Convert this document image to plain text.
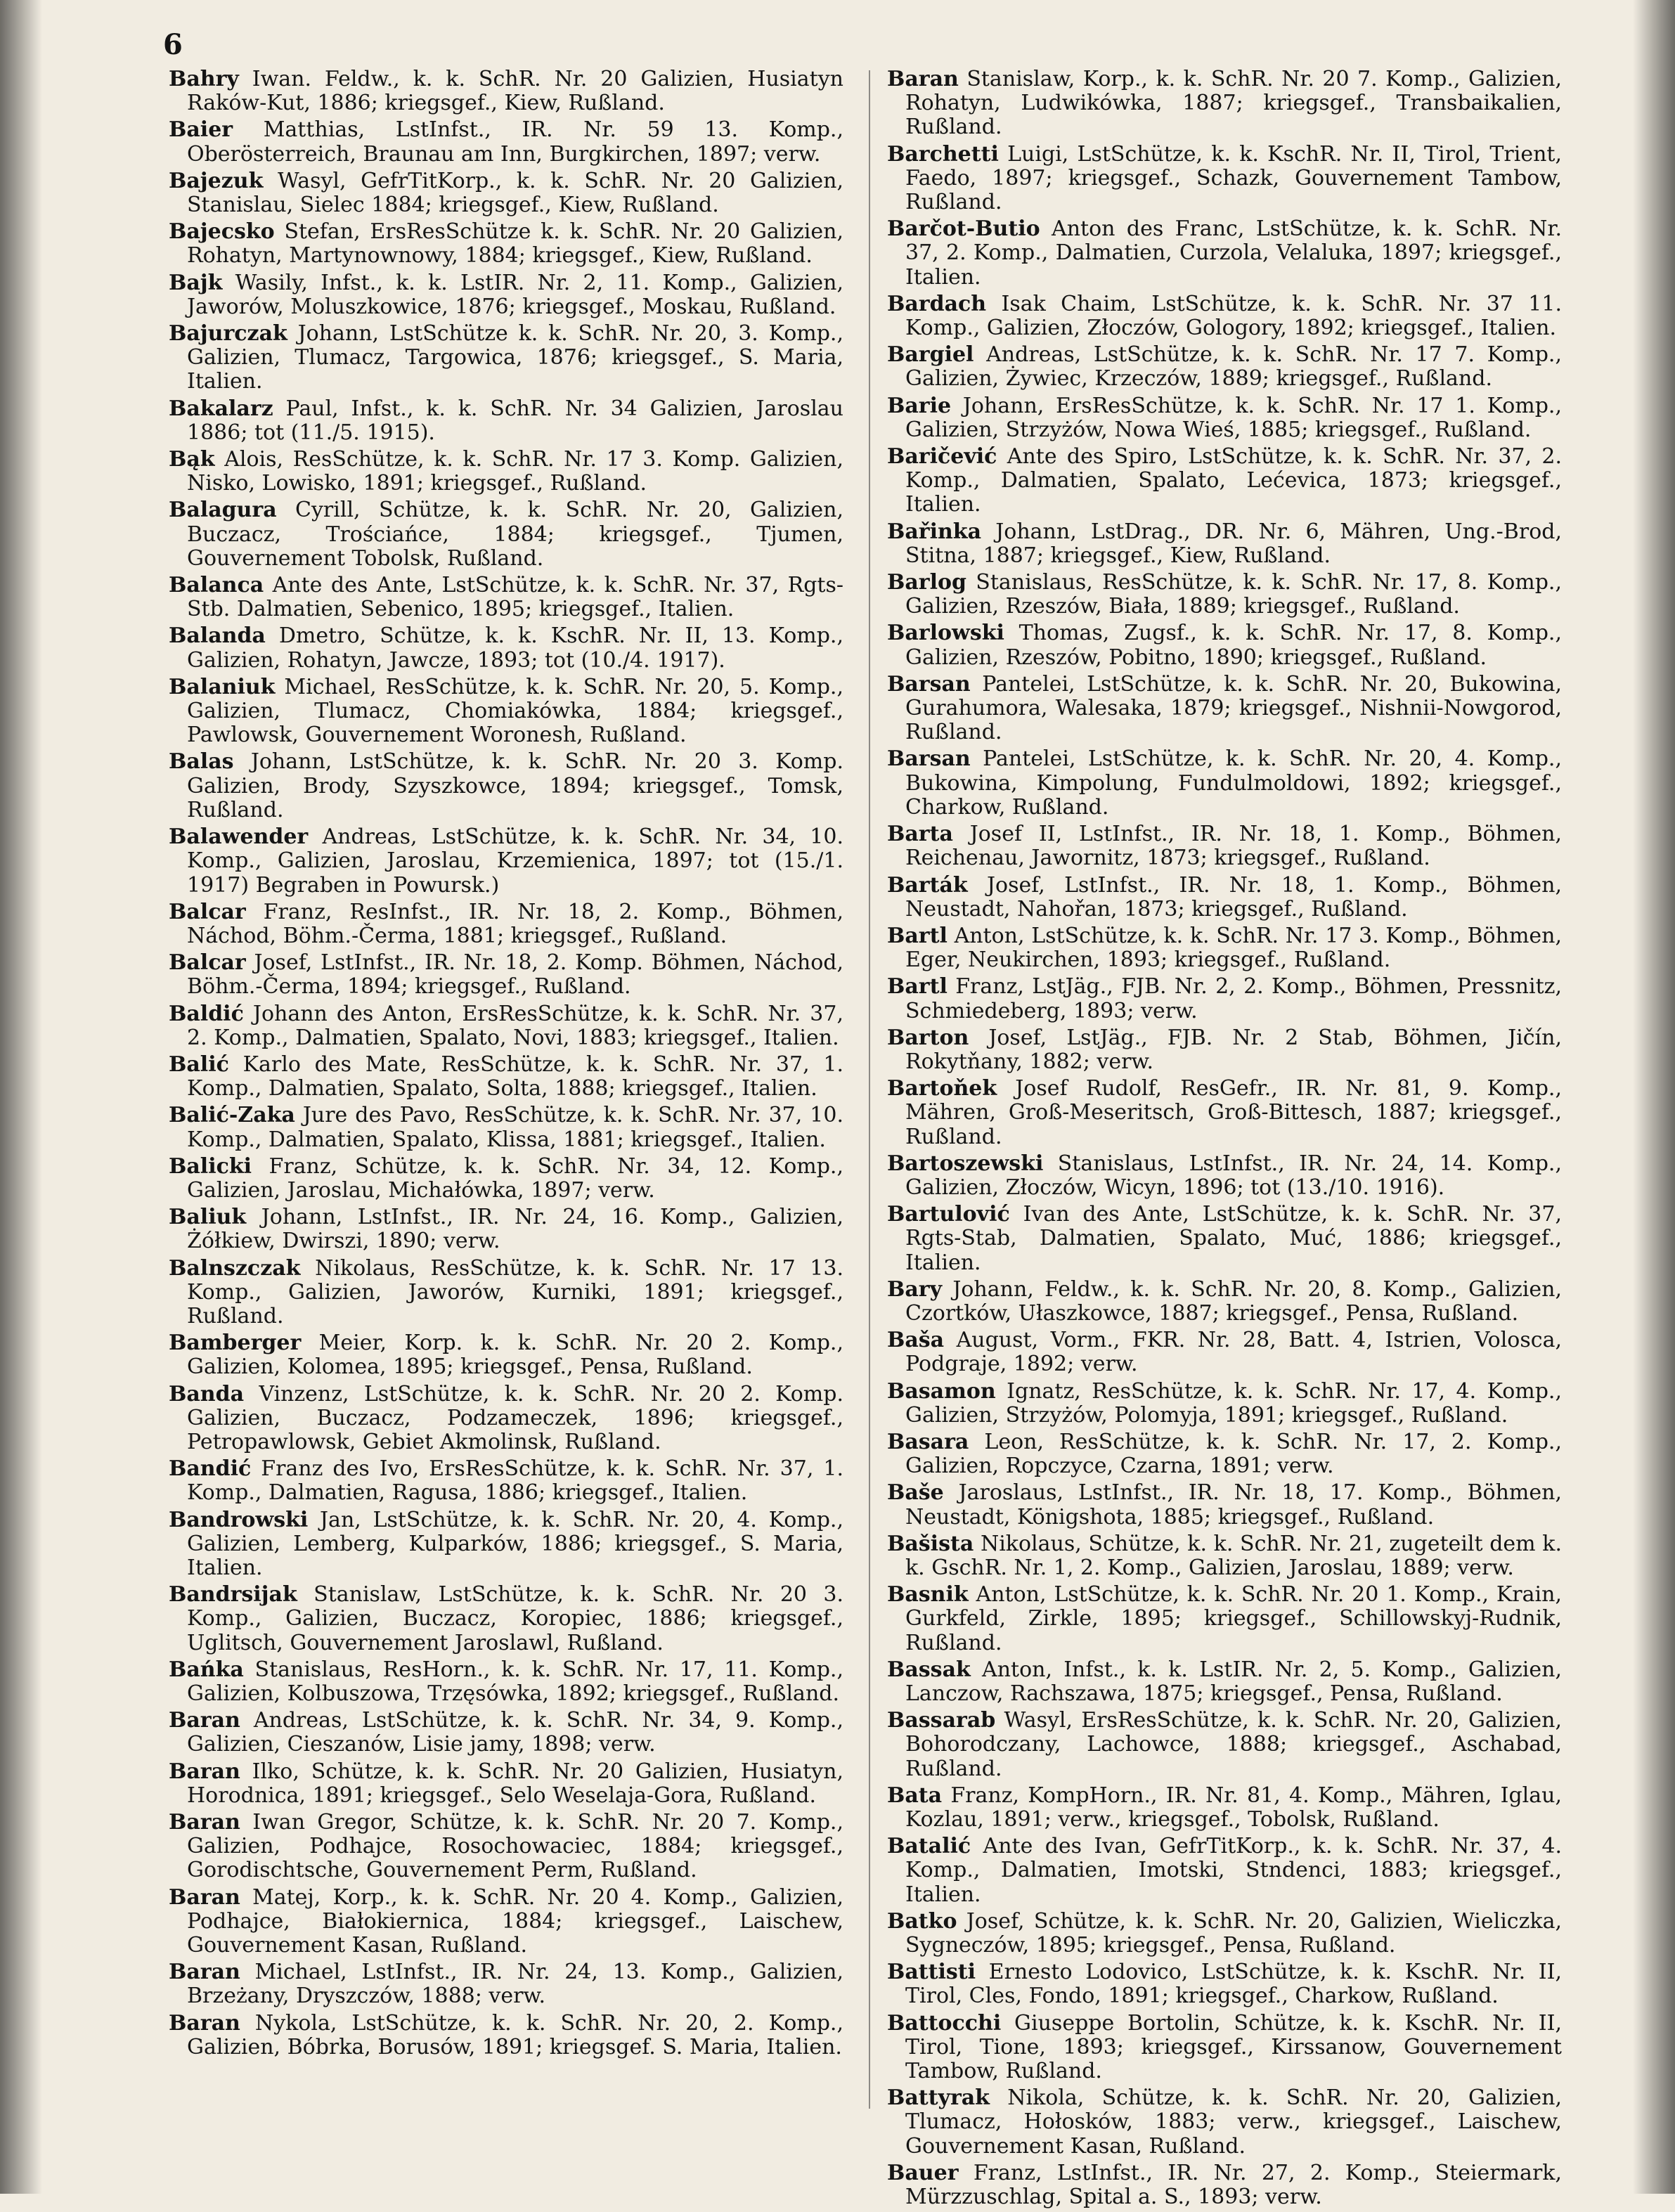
6

Bahry Iwan. Feldw., k. k. SchR. Nr. 20 Galizien, Husiatyn Raków-Kut, 1886; kriegsgef., Kiew, Rußland.

Baier Matthias, LstInfst., IR. Nr. 59 13. Komp., Oberösterreich, Braunau am Inn, Burgkirchen, 1897; verw.

Bajezuk Wasyl, GefrTitKorp., k. k. SchR. Nr. 20 Galizien, Stanislau, Sielec 1884; kriegsgef., Kiew, Rußland.

Bajecsko Stefan, ErsResSchütze k. k. SchR. Nr. 20 Galizien, Rohatyn, Martynownowy, 1884; kriegsgef., Kiew, Rußland.

Bajk Wasily, Infst., k. k. LstIR. Nr. 2, 11. Komp., Galizien, Jaworów, Moluszkowice, 1876; kriegsgef., Moskau, Rußland.

Bajurczak Johann, LstSchütze k. k. SchR. Nr. 20, 3. Komp., Galizien, Tlumacz, Targowica, 1876; kriegsgef., S. Maria, Italien.

Bakalarz Paul, Infst., k. k. SchR. Nr. 34 Galizien, Jaroslau 1886; tot (11./5. 1915).

Bąk Alois, ResSchütze, k. k. SchR. Nr. 17 3. Komp. Galizien, Nisko, Lowisko, 1891; kriegsgef., Rußland.

Balagura Cyrill, Schütze, k. k. SchR. Nr. 20, Galizien, Buczacz, Trościańce, 1884; kriegsgef., Tjumen, Gouvernement Tobolsk, Rußland.

Balanca Ante des Ante, LstSchütze, k. k. SchR. Nr. 37, Rgts-Stb. Dalmatien, Sebenico, 1895; kriegsgef., Italien.

Balanda Dmetro, Schütze, k. k. KschR. Nr. II, 13. Komp., Galizien, Rohatyn, Jawcze, 1893; tot (10./4. 1917).

Balaniuk Michael, ResSchütze, k. k. SchR. Nr. 20, 5. Komp., Galizien, Tlumacz, Chomiakówka, 1884; kriegsgef., Pawlowsk, Gouvernement Woronesh, Rußland.

Balas Johann, LstSchütze, k. k. SchR. Nr. 20 3. Komp. Galizien, Brody, Szyszkowce, 1894; kriegsgef., Tomsk, Rußland.

Balawender Andreas, LstSchütze, k. k. SchR. Nr. 34, 10. Komp., Galizien, Jaroslau, Krzemienica, 1897; tot (15./1. 1917) Begraben in Powursk.)

Balcar Franz, ResInfst., IR. Nr. 18, 2. Komp., Böhmen, Náchod, Böhm.-Čerma, 1881; kriegsgef., Rußland.

Balcar Josef, LstInfst., IR. Nr. 18, 2. Komp. Böhmen, Náchod, Böhm.-Čerma, 1894; kriegsgef., Rußland.

Baldić Johann des Anton, ErsResSchütze, k. k. SchR. Nr. 37, 2. Komp., Dalmatien, Spalato, Novi, 1883; kriegsgef., Italien.

Balić Karlo des Mate, ResSchütze, k. k. SchR. Nr. 37, 1. Komp., Dalmatien, Spalato, Solta, 1888; kriegsgef., Italien.

Balić-Zaka Jure des Pavo, ResSchütze, k. k. SchR. Nr. 37, 10. Komp., Dalmatien, Spalato, Klissa, 1881; kriegsgef., Italien.

Balicki Franz, Schütze, k. k. SchR. Nr. 34, 12. Komp., Galizien, Jaroslau, Michałówka, 1897; verw.

Baliuk Johann, LstInfst., IR. Nr. 24, 16. Komp., Galizien, Żółkiew, Dwirszi, 1890; verw.

Balnszczak Nikolaus, ResSchütze, k. k. SchR. Nr. 17 13. Komp., Galizien, Jaworów, Kurniki, 1891; kriegsgef., Rußland.

Bamberger Meier, Korp. k. k. SchR. Nr. 20 2. Komp., Galizien, Kolomea, 1895; kriegsgef., Pensa, Rußland.

Banda Vinzenz, LstSchütze, k. k. SchR. Nr. 20 2. Komp. Galizien, Buczacz, Podzameczek, 1896; kriegsgef., Petropawlowsk, Gebiet Akmolinsk, Rußland.

Bandić Franz des Ivo, ErsResSchütze, k. k. SchR. Nr. 37, 1. Komp., Dalmatien, Ragusa, 1886; kriegsgef., Italien.

Bandrowski Jan, LstSchütze, k. k. SchR. Nr. 20, 4. Komp., Galizien, Lemberg, Kulparków, 1886; kriegsgef., S. Maria, Italien.

Bandrsijak Stanislaw, LstSchütze, k. k. SchR. Nr. 20 3. Komp., Galizien, Buczacz, Koropiec, 1886; kriegsgef., Uglitsch, Gouvernement Jaroslawl, Rußland.

Bańka Stanislaus, ResHorn., k. k. SchR. Nr. 17, 11. Komp., Galizien, Kolbuszowa, Trzęsówka, 1892; kriegsgef., Rußland.

Baran Andreas, LstSchütze, k. k. SchR. Nr. 34, 9. Komp., Galizien, Cieszanów, Lisie jamy, 1898; verw.

Baran Ilko, Schütze, k. k. SchR. Nr. 20 Galizien, Husiatyn, Horodnica, 1891; kriegsgef., Selo Weselaja-Gora, Rußland.

Baran Iwan Gregor, Schütze, k. k. SchR. Nr. 20 7. Komp., Galizien, Podhajce, Rosochowaciec, 1884; kriegsgef., Gorodischtsche, Gouvernement Perm, Rußland.

Baran Matej, Korp., k. k. SchR. Nr. 20 4. Komp., Galizien, Podhajce, Białokiernica, 1884; kriegsgef., Laischew, Gouvernement Kasan, Rußland.

Baran Michael, LstInfst., IR. Nr. 24, 13. Komp., Galizien, Brzeżany, Dryszczów, 1888; verw.

Baran Nykola, LstSchütze, k. k. SchR. Nr. 20, 2. Komp., Galizien, Bóbrka, Borusów, 1891; kriegsgef. S. Maria, Italien.

Baran Stanislaw, Korp., k. k. SchR. Nr. 20 7. Komp., Galizien, Rohatyn, Ludwikówka, 1887; kriegsgef., Transbaikalien, Rußland.

Barchetti Luigi, LstSchütze, k. k. KschR. Nr. II, Tirol, Trient, Faedo, 1897; kriegsgef., Schazk, Gouvernement Tambow, Rußland.

Barčot-Butio Anton des Franc, LstSchütze, k. k. SchR. Nr. 37, 2. Komp., Dalmatien, Curzola, Velaluka, 1897; kriegsgef., Italien.

Bardach Isak Chaim, LstSchütze, k. k. SchR. Nr. 37 11. Komp., Galizien, Złoczów, Gologory, 1892; kriegsgef., Italien.

Bargiel Andreas, LstSchütze, k. k. SchR. Nr. 17 7. Komp., Galizien, Żywiec, Krzeczów, 1889; kriegsgef., Rußland.

Barie Johann, ErsResSchütze, k. k. SchR. Nr. 17 1. Komp., Galizien, Strzyżów, Nowa Wieś, 1885; kriegsgef., Rußland.

Baričević Ante des Spiro, LstSchütze, k. k. SchR. Nr. 37, 2. Komp., Dalmatien, Spalato, Lećevica, 1873; kriegsgef., Italien.

Bařinka Johann, LstDrag., DR. Nr. 6, Mähren, Ung.-Brod, Stitna, 1887; kriegsgef., Kiew, Rußland.

Barlog Stanislaus, ResSchütze, k. k. SchR. Nr. 17, 8. Komp., Galizien, Rzeszów, Biała, 1889; kriegsgef., Rußland.

Barlowski Thomas, Zugsf., k. k. SchR. Nr. 17, 8. Komp., Galizien, Rzeszów, Pobitno, 1890; kriegsgef., Rußland.

Barsan Pantelei, LstSchütze, k. k. SchR. Nr. 20, Bukowina, Gurahumora, Walesaka, 1879; kriegsgef., Nishnii-Nowgorod, Rußland.

Barsan Pantelei, LstSchütze, k. k. SchR. Nr. 20, 4. Komp., Bukowina, Kimpolung, Fundulmoldowi, 1892; kriegsgef., Charkow, Rußland.

Barta Josef II, LstInfst., IR. Nr. 18, 1. Komp., Böhmen, Reichenau, Jawornitz, 1873; kriegsgef., Rußland.

Barták Josef, LstInfst., IR. Nr. 18, 1. Komp., Böhmen, Neustadt, Nahořan, 1873; kriegsgef., Rußland.

Bartl Anton, LstSchütze, k. k. SchR. Nr. 17 3. Komp., Böhmen, Eger, Neukirchen, 1893; kriegsgef., Rußland.

Bartl Franz, LstJäg., FJB. Nr. 2, 2. Komp., Böhmen, Pressnitz, Schmiedeberg, 1893; verw.

Barton Josef, LstJäg., FJB. Nr. 2 Stab, Böhmen, Jičín, Rokytňany, 1882; verw.

Bartoňek Josef Rudolf, ResGefr., IR. Nr. 81, 9. Komp., Mähren, Groß-Meseritsch, Groß-Bittesch, 1887; kriegsgef., Rußland.

Bartoszewski Stanislaus, LstInfst., IR. Nr. 24, 14. Komp., Galizien, Złoczów, Wicyn, 1896; tot (13./10. 1916).

Bartulović Ivan des Ante, LstSchütze, k. k. SchR. Nr. 37, Rgts-Stab, Dalmatien, Spalato, Muć, 1886; kriegsgef., Italien.

Bary Johann, Feldw., k. k. SchR. Nr. 20, 8. Komp., Galizien, Czortków, Ułaszkowce, 1887; kriegsgef., Pensa, Rußland.

Baša August, Vorm., FKR. Nr. 28, Batt. 4, Istrien, Volosca, Podgraje, 1892; verw.

Basamon Ignatz, ResSchütze, k. k. SchR. Nr. 17, 4. Komp., Galizien, Strzyżów, Polomyja, 1891; kriegsgef., Rußland.

Basara Leon, ResSchütze, k. k. SchR. Nr. 17, 2. Komp., Galizien, Ropczyce, Czarna, 1891; verw.

Baše Jaroslaus, LstInfst., IR. Nr. 18, 17. Komp., Böhmen, Neustadt, Königshota, 1885; kriegsgef., Rußland.

Bašista Nikolaus, Schütze, k. k. SchR. Nr. 21, zugeteilt dem k. k. GschR. Nr. 1, 2. Komp., Galizien, Jaroslau, 1889; verw.

Basnik Anton, LstSchütze, k. k. SchR. Nr. 20 1. Komp., Krain, Gurkfeld, Zirkle, 1895; kriegsgef., Schillowskyj-Rudnik, Rußland.

Bassak Anton, Infst., k. k. LstIR. Nr. 2, 5. Komp., Galizien, Lanczow, Rachszawa, 1875; kriegsgef., Pensa, Rußland.

Bassarab Wasyl, ErsResSchütze, k. k. SchR. Nr. 20, Galizien, Bohorodczany, Lachowce, 1888; kriegsgef., Aschabad, Rußland.

Bata Franz, KompHorn., IR. Nr. 81, 4. Komp., Mähren, Iglau, Kozlau, 1891; verw., kriegsgef., Tobolsk, Rußland.

Batalić Ante des Ivan, GefrTitKorp., k. k. SchR. Nr. 37, 4. Komp., Dalmatien, Imotski, Stndenci, 1883; kriegsgef., Italien.

Batko Josef, Schütze, k. k. SchR. Nr. 20, Galizien, Wieliczka, Sygneczów, 1895; kriegsgef., Pensa, Rußland.

Battisti Ernesto Lodovico, LstSchütze, k. k. KschR. Nr. II, Tirol, Cles, Fondo, 1891; kriegsgef., Charkow, Rußland.

Battocchi Giuseppe Bortolin, Schütze, k. k. KschR. Nr. II, Tirol, Tione, 1893; kriegsgef., Kirssanow, Gouvernement Tambow, Rußland.

Battyrak Nikola, Schütze, k. k. SchR. Nr. 20, Galizien, Tlumacz, Hołosków, 1883; verw., kriegsgef., Laischew, Gouvernement Kasan, Rußland.

Bauer Franz, LstInfst., IR. Nr. 27, 2. Komp., Steiermark, Mürzzuschlag, Spital a. S., 1893; verw.
